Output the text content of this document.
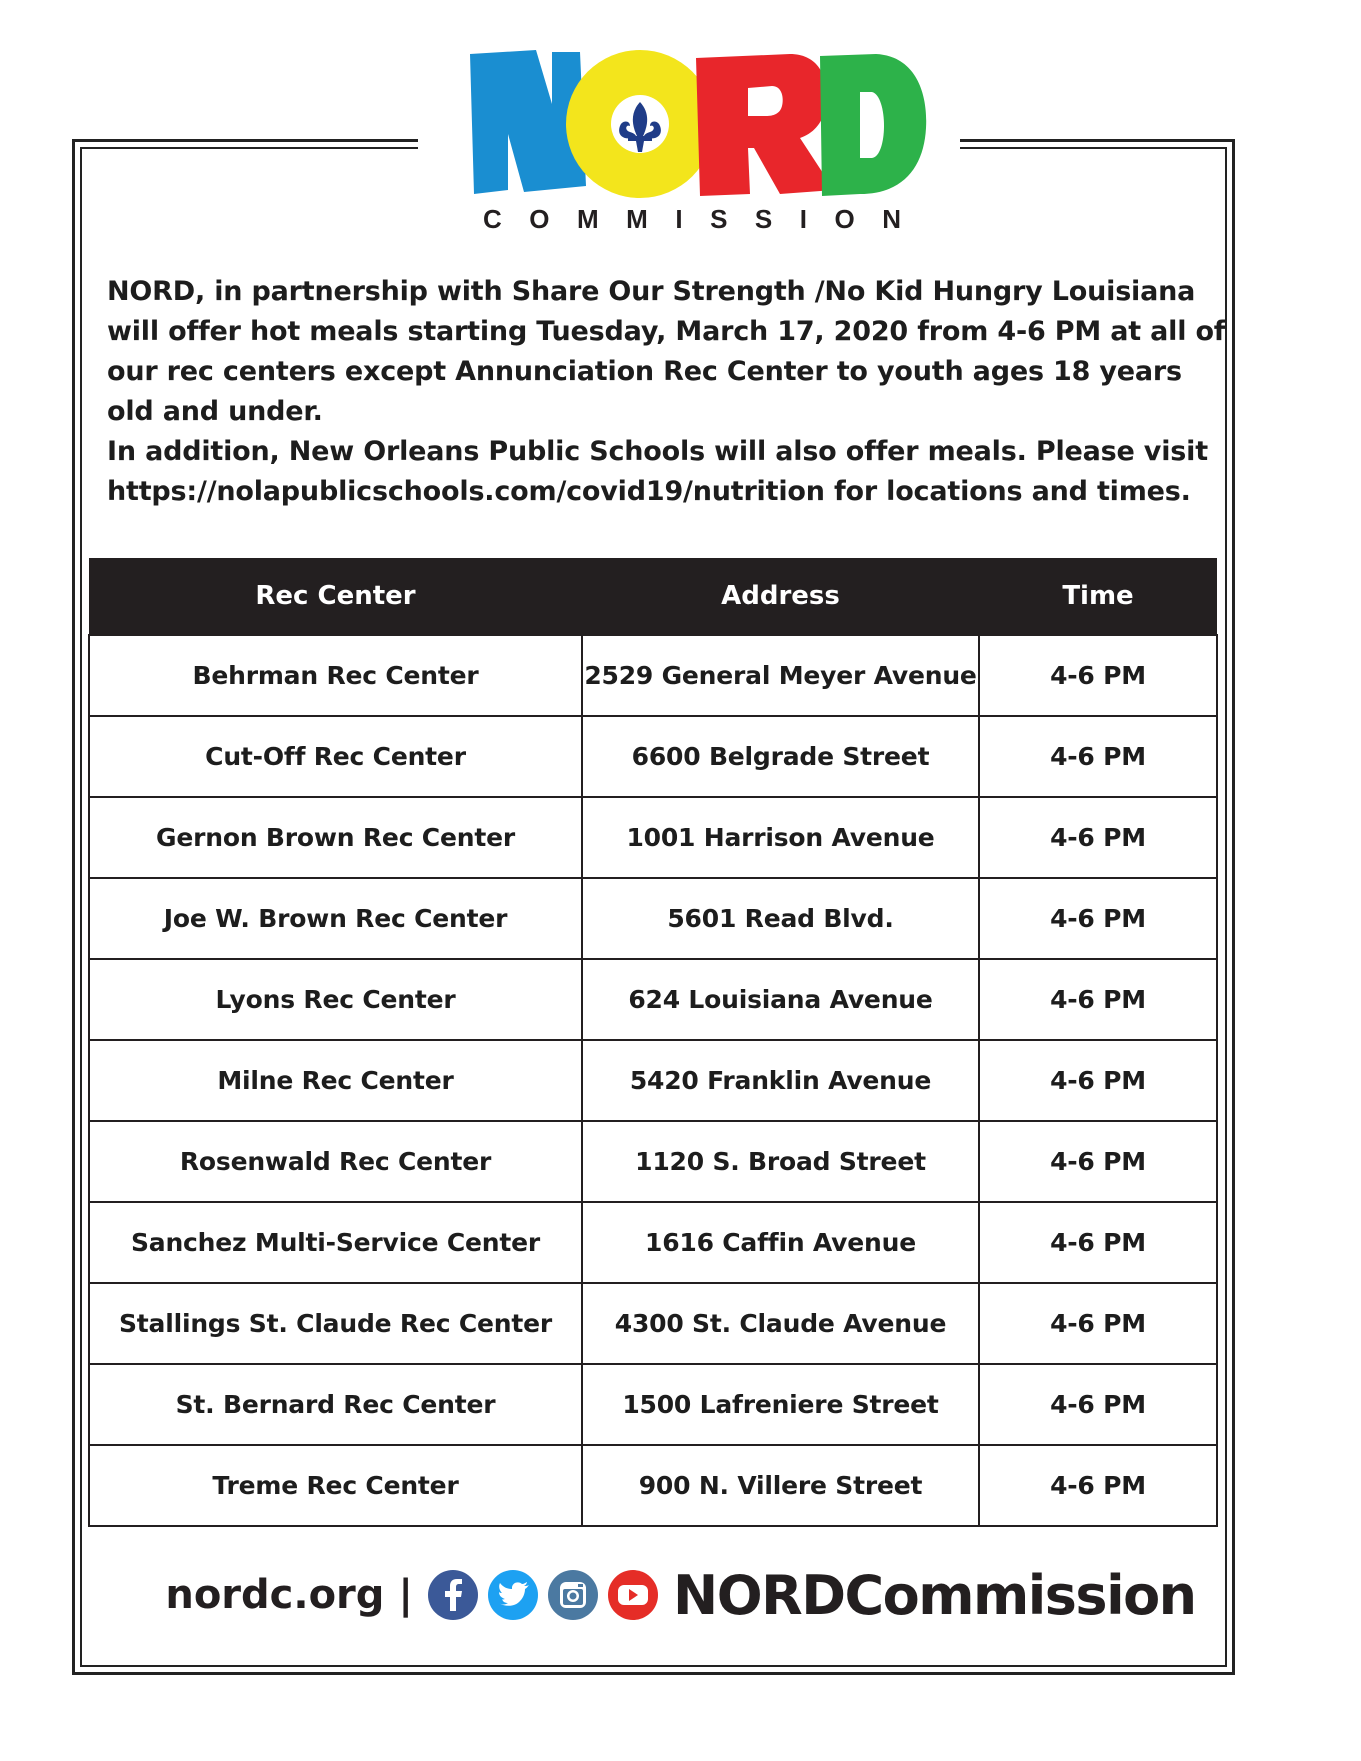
COMMISSION

NORD, in partnership with Share Our Strength /No Kid Hungry Louisiana will offer hot meals starting Tuesday, March 17, 2020 from 4-6 PM at all of our rec centers except Annunciation Rec Center to youth ages 18 years old and under.

In addition, New Orleans Public Schools will also offer meals. Please visit https://nolapublicschools.com/covid19/nutrition for locations and times.

Rec Center	Address	Time
Behrman Rec Center	2529 General Meyer Avenue	4-6 PM
Cut-Off Rec Center	6600 Belgrade Street	4-6 PM
Gernon Brown Rec Center	1001 Harrison Avenue	4-6 PM
Joe W. Brown Rec Center	5601 Read Blvd.	4-6 PM
Lyons Rec Center	624 Louisiana Avenue	4-6 PM
Milne Rec Center	5420 Franklin Avenue	4-6 PM
Rosenwald Rec Center	1120 S. Broad Street	4-6 PM
Sanchez Multi-Service Center	1616 Caffin Avenue	4-6 PM
Stallings St. Claude Rec Center	4300 St. Claude Avenue	4-6 PM
St. Bernard Rec Center	1500 Lafreniere Street	4-6 PM
Treme Rec Center	900 N. Villere Street	4-6 PM
nordc.org |	NORDCommission
